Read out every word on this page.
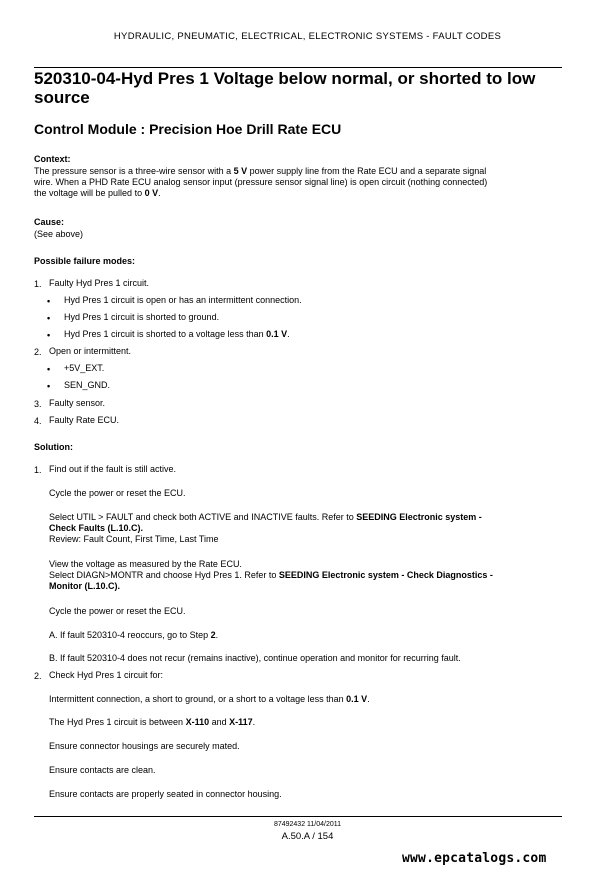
HYDRAULIC, PNEUMATIC, ELECTRICAL, ELECTRONIC SYSTEMS - FAULT CODES
520310-04-Hyd Pres 1 Voltage below normal, or shorted to low source
Control Module : Precision Hoe Drill Rate ECU
Context:
The pressure sensor is a three-wire sensor with a 5 V power supply line from the Rate ECU and a separate signal
wire. When a PHD Rate ECU analog sensor input (pressure sensor signal line) is open circuit (nothing connected)
the voltage will be pulled to 0 V.
Cause:
(See above)
Possible failure modes:
1. Faulty Hyd Pres 1 circuit.
• Hyd Pres 1 circuit is open or has an intermittent connection.
• Hyd Pres 1 circuit is shorted to ground.
• Hyd Pres 1 circuit is shorted to a voltage less than 0.1 V.
2. Open or intermittent.
• +5V_EXT.
• SEN_GND.
3. Faulty sensor.
4. Faulty Rate ECU.
Solution:
1. Find out if the fault is still active.
Cycle the power or reset the ECU.
Select UTIL > FAULT and check both ACTIVE and INACTIVE faults. Refer to SEEDING Electronic system -
Check Faults (L.10.C).
Review: Fault Count, First Time, Last Time
View the voltage as measured by the Rate ECU.
Select DIAGN>MONTR and choose Hyd Pres 1. Refer to SEEDING Electronic system - Check Diagnostics -
Monitor (L.10.C).
Cycle the power or reset the ECU.
A. If fault 520310-4 reoccurs, go to Step 2.
B. If fault 520310-4 does not recur (remains inactive), continue operation and monitor for recurring fault.
2. Check Hyd Pres 1 circuit for:
Intermittent connection, a short to ground, or a short to a voltage less than 0.1 V.
The Hyd Pres 1 circuit is between X-110 and X-117.
Ensure connector housings are securely mated.
Ensure contacts are clean.
Ensure contacts are properly seated in connector housing.
87492432 11/04/2011
A.50.A / 154
www.epcatalogs.com
